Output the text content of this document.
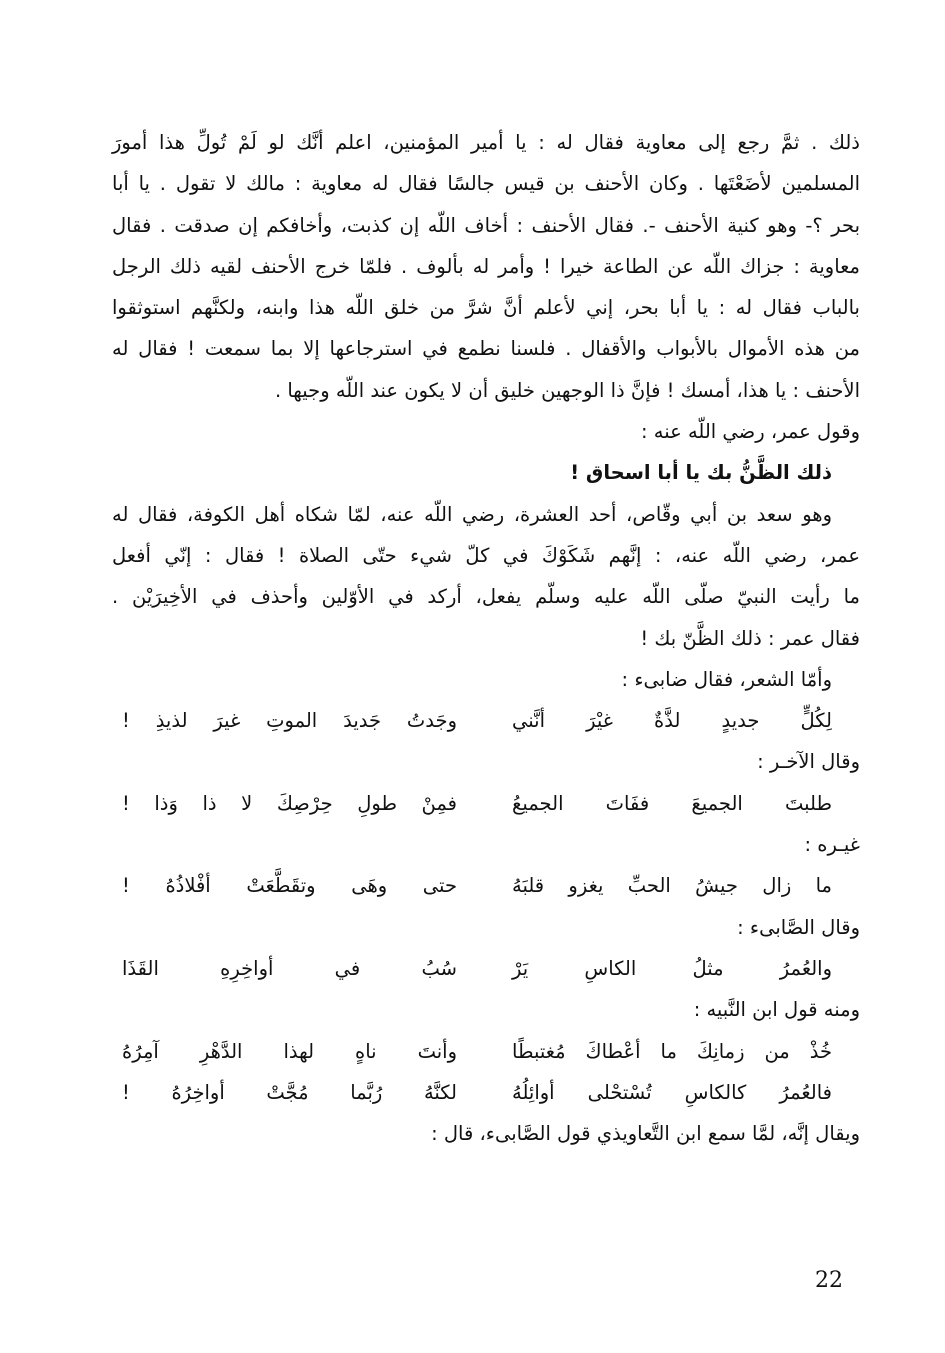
ذلك . ثمَّ رجع إلى معاوية فقال له : يا أمير المؤمنين، اعلم أنَّك لو لَمْ تُولِّ هذا أمورَ
المسلمين لأضَعْتَها . وكان الأحنف بن قيس جالسًا فقال له معاوية : مالك لا تقول . يا أبا
بحر ؟- وهو كنية الأحنف -. فقال الأحنف : أخاف اللّه إن كذبت، وأخافكم إن صدقت . فقال
معاوية : جزاك اللّه عن الطاعة خيرا ! وأمر له بألوف . فلمّا خرج الأحنف لقيه ذلك الرجل
بالباب فقال له : يا أبا بحر، إني لأعلم أنَّ شرَّ من خلق اللّه هذا وابنه، ولكنَّهم استوثقوا
من هذه الأموال بالأبواب والأقفال . فلسنا نطمع في استرجاعها إلا بما سمعت ! فقال له
الأحنف : يا هذا، أمسك ! فإنَّ ذا الوجهين خليق أن لا يكون عند اللّه وجيها .
وقول عمر، رضي اللّه عنه :
ذلك الظَّنُّ بك يا أبا اسحاق !
وهو سعد بن أبي وقّاص، أحد العشرة، رضي اللّه عنه، لمّا شكاه أهل الكوفة، فقال له
عمر، رضي اللّه عنه، : إنَّهم شَكَوْكَ في كلّ شيء حتّى الصلاة ! فقال : إنّي أفعل
ما رأيت النبيّ صلّى اللّه عليه وسلّم يفعل، أركد في الأوّلين وأحذف في الأخِيرَيْن .
فقال عمر : ذلك الظَّنّ بك !
وأمّا الشعر، فقال ضابىء :
لِكُلٍّ جديدٍ لذَّةٌ غيْرَ أنَّني
وجَدتُ جَديدَ الموتِ غيرَ لذيذِ !
وقال الآخـر :
طلبتَ الجميعَ ففَاتَ الجميعُ
فمِنْ طولِ حِرْصِكَ لا ذا وَذا !
غيـره :
ما زال جيشُ الحبِّ يغزو قلبَهُ
حتى وهَى وتقَطَّعَتْ أفْلاذُهُ !
وقال الصَّابىء :
والعُمرُ مثلُ الكاسِ يَرْ
سُبُ في أواخِرِهِ القَذَا
ومنه قول ابن النَّبيه :
خُذْ من زمانِكَ ما أعْطاكَ مُغتبطًا
وأنتَ ناهٍ لهذا الدَّهْرِ آمِرُهُ
فالعُمرُ كالكاسِ تُسْتحْلى أوائِلُهُ
لكنَّهُ رُبَّما مُجَّتْ أواخِرُهُ !
ويقال إنَّه، لمَّا سمع ابن التَّعاويذي قول الصَّابىء، قال :
22
